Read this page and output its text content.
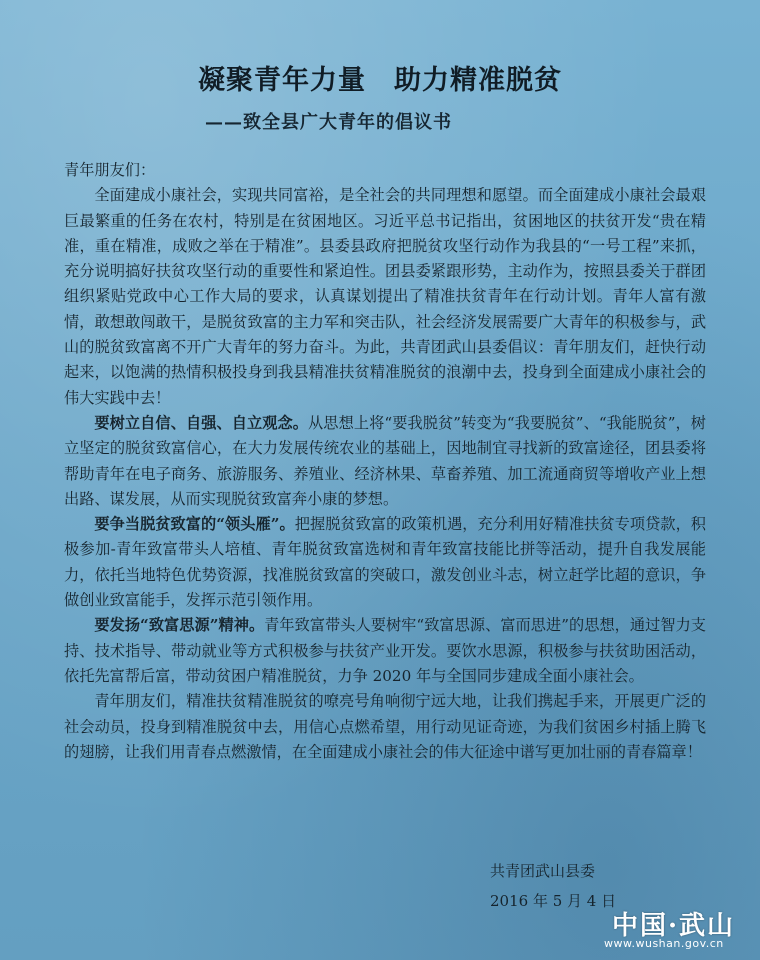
凝聚青年力量　助力精准脱贫
——致全县广大青年的倡议书

青年朋友们：

全面建成小康社会，实现共同富裕，是全社会的共同理想和愿望。而全面建成小康社会最艰巨最繁重的任务在农村，特别是在贫困地区。习近平总书记指出，贫困地区的扶贫开发“贵在精准，重在精准，成败之举在于精准”。县委县政府把脱贫攻坚行动作为我县的“一号工程”来抓，充分说明搞好扶贫攻坚行动的重要性和紧迫性。团县委紧跟形势，主动作为，按照县委关于群团组织紧贴党政中心工作大局的要求，认真谋划提出了精准扶贫青年在行动计划。青年人富有激情，敢想敢闯敢干，是脱贫致富的主力军和突击队，社会经济发展需要广大青年的积极参与，武山的脱贫致富离不开广大青年的努力奋斗。为此，共青团武山县委倡议：青年朋友们，赶快行动起来，以饱满的热情积极投身到我县精准扶贫精准脱贫的浪潮中去，投身到全面建成小康社会的伟大实践中去！

要树立自信、自强、自立观念。从思想上将“要我脱贫”转变为“我要脱贫”、“我能脱贫”，树立坚定的脱贫致富信心，在大力发展传统农业的基础上，因地制宜寻找新的致富途径，团县委将帮助青年在电子商务、旅游服务、养殖业、经济林果、草畜养殖、加工流通商贸等增收产业上想出路、谋发展，从而实现脱贫致富奔小康的梦想。

要争当脱贫致富的“领头雁”。把握脱贫致富的政策机遇，充分利用好精准扶贫专项贷款，积极参加-青年致富带头人培植、青年脱贫致富选树和青年致富技能比拼等活动，提升自我发展能力，依托当地特色优势资源，找准脱贫致富的突破口，激发创业斗志，树立赶学比超的意识，争做创业致富能手，发挥示范引领作用。

要发扬“致富思源”精神。青年致富带头人要树牢“致富思源、富而思进”的思想，通过智力支持、技术指导、带动就业等方式积极参与扶贫产业开发。要饮水思源，积极参与扶贫助困活动，依托先富帮后富，带动贫困户精准脱贫，力争 2020 年与全国同步建成全面小康社会。

青年朋友们，精准扶贫精准脱贫的嘹亮号角响彻宁远大地，让我们携起手来，开展更广泛的社会动员，投身到精准脱贫中去，用信心点燃希望，用行动见证奇迹，为我们贫困乡村插上腾飞的翅膀，让我们用青春点燃激情，在全面建成小康社会的伟大征途中谱写更加壮丽的青春篇章！

共青团武山县委
2016 年 5 月 4 日
中国·武山
www.wushan.gov.cn
